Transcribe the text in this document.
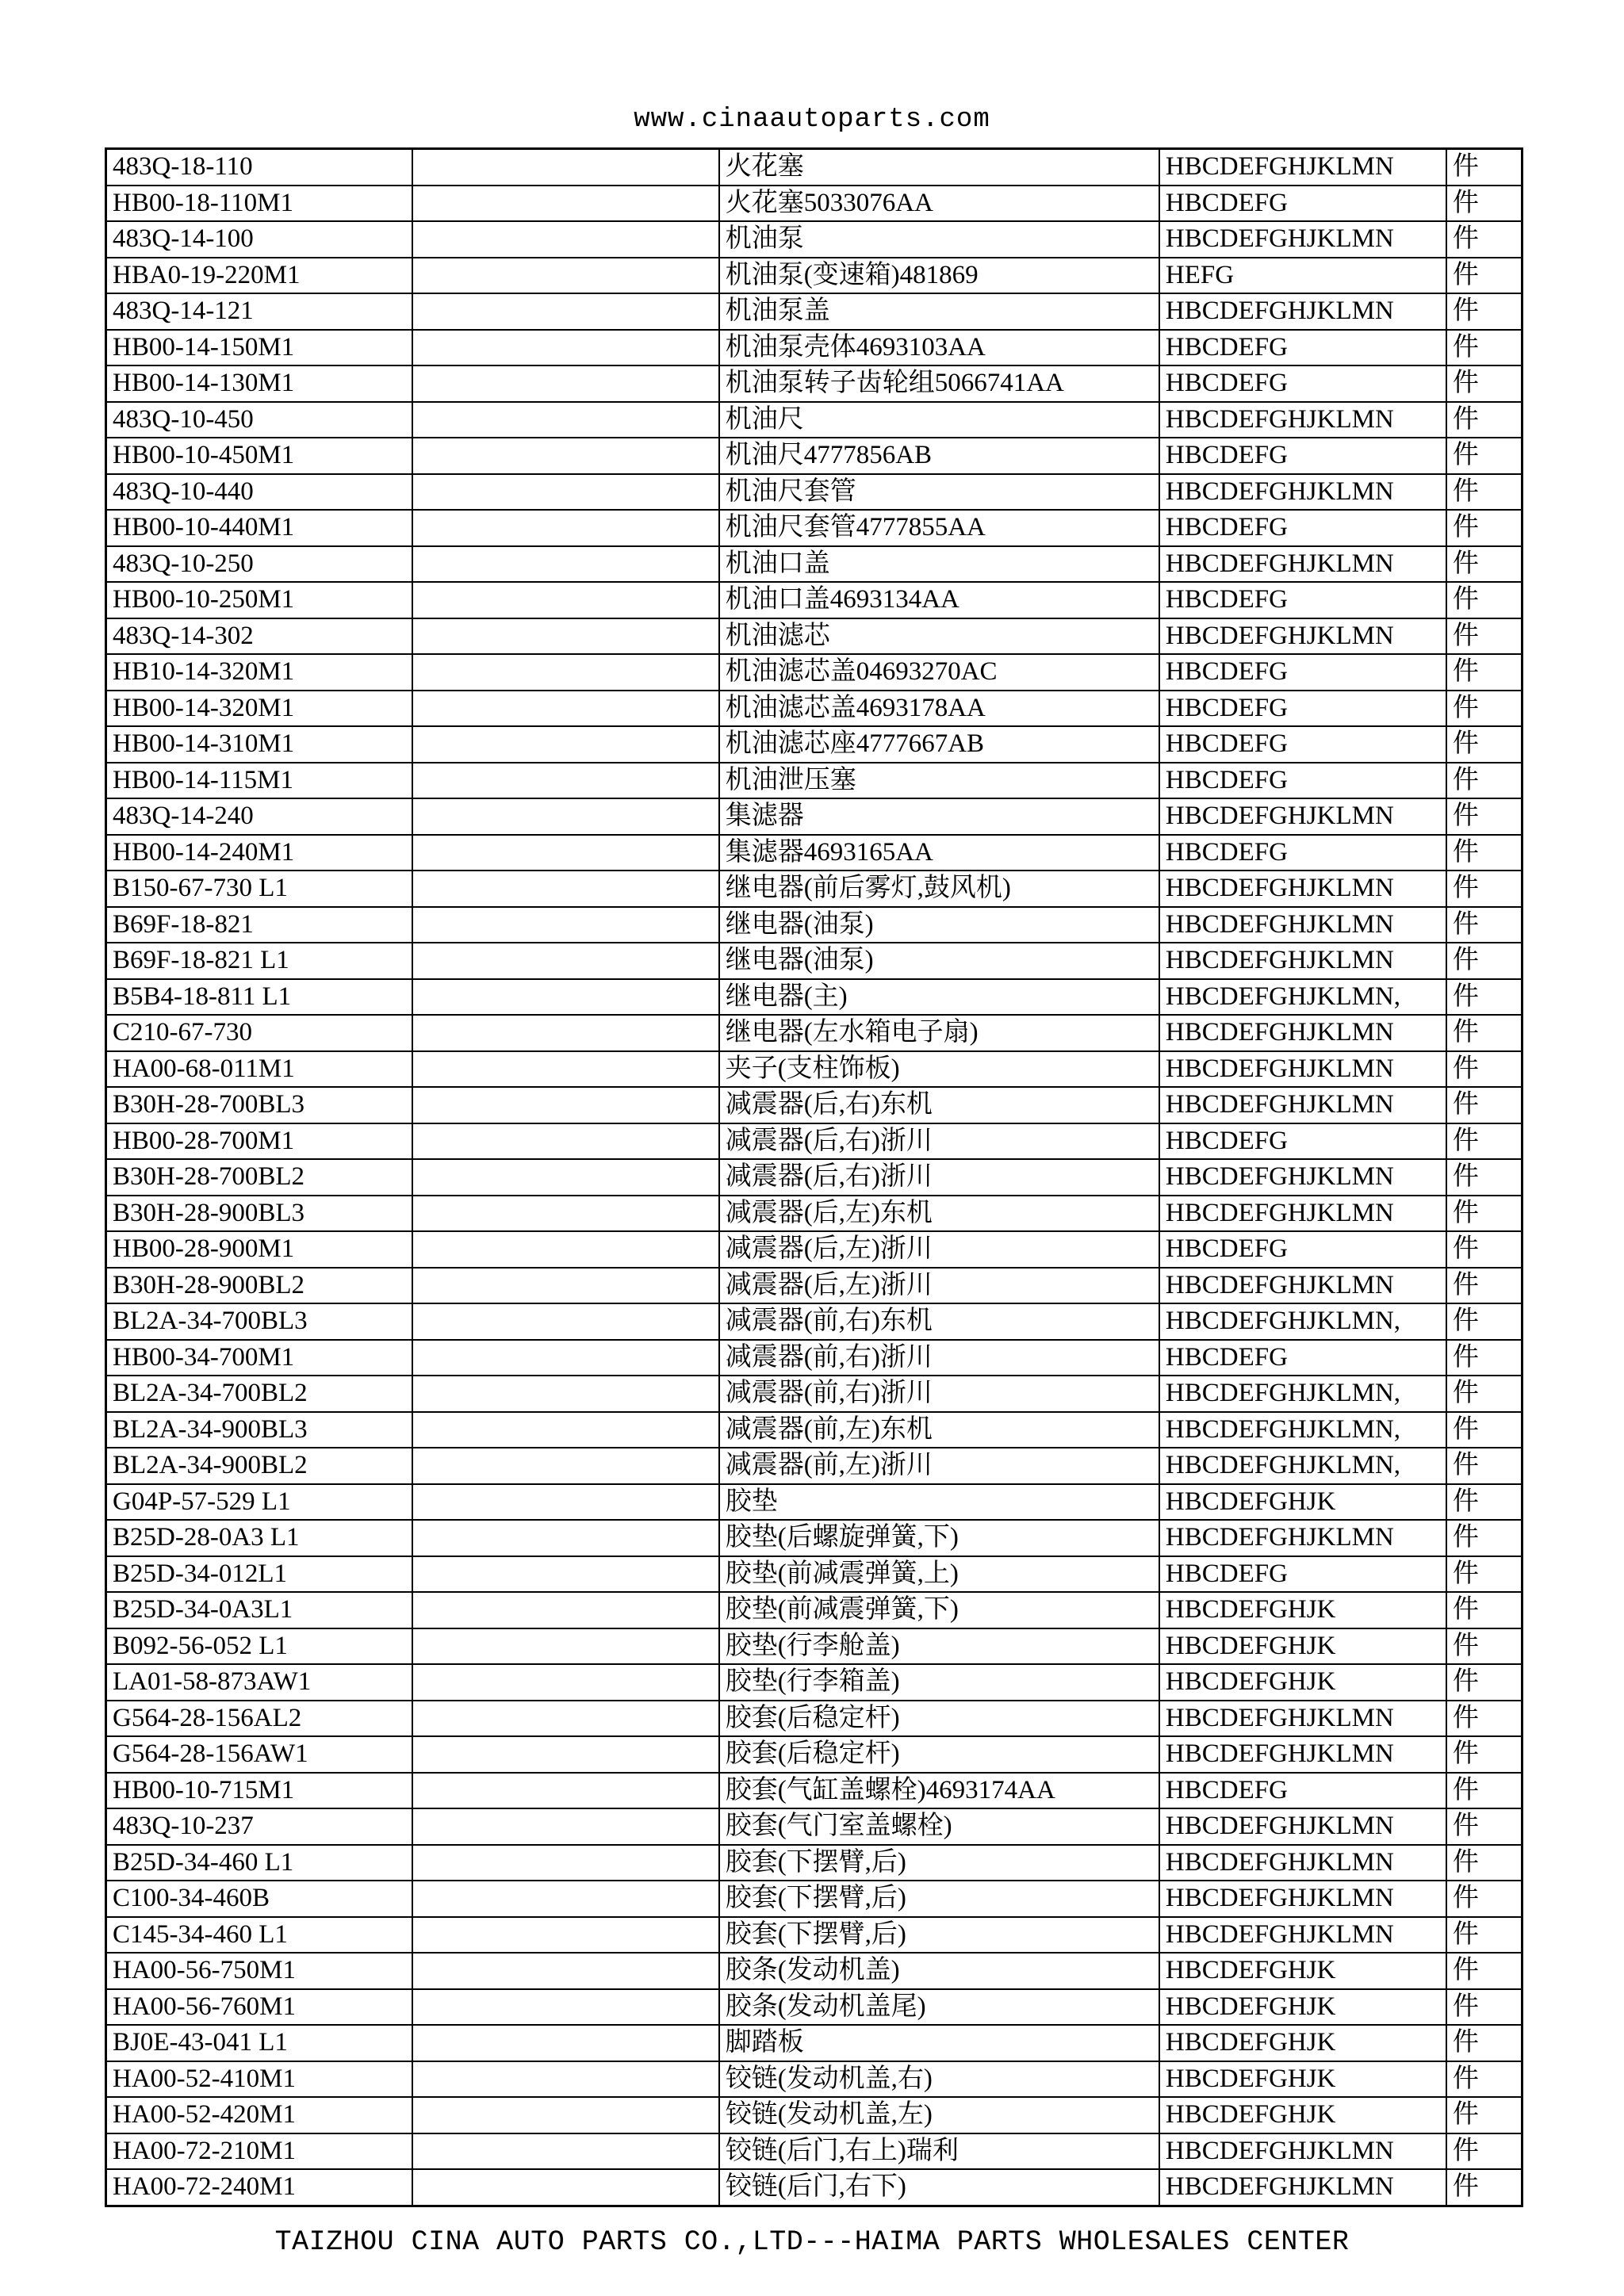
www.cinaautoparts.com
483Q-18-110		火花塞	HBCDEFGHJKLMN	件
HB00-18-110M1		火花塞5033076AA	HBCDEFG	件
483Q-14-100		机油泵	HBCDEFGHJKLMN	件
HBA0-19-220M1		机油泵(变速箱)481869	HEFG	件
483Q-14-121		机油泵盖	HBCDEFGHJKLMN	件
HB00-14-150M1		机油泵壳体4693103AA	HBCDEFG	件
HB00-14-130M1		机油泵转子齿轮组5066741AA	HBCDEFG	件
483Q-10-450		机油尺	HBCDEFGHJKLMN	件
HB00-10-450M1		机油尺4777856AB	HBCDEFG	件
483Q-10-440		机油尺套管	HBCDEFGHJKLMN	件
HB00-10-440M1		机油尺套管4777855AA	HBCDEFG	件
483Q-10-250		机油口盖	HBCDEFGHJKLMN	件
HB00-10-250M1		机油口盖4693134AA	HBCDEFG	件
483Q-14-302		机油滤芯	HBCDEFGHJKLMN	件
HB10-14-320M1		机油滤芯盖04693270AC	HBCDEFG	件
HB00-14-320M1		机油滤芯盖4693178AA	HBCDEFG	件
HB00-14-310M1		机油滤芯座4777667AB	HBCDEFG	件
HB00-14-115M1		机油泄压塞	HBCDEFG	件
483Q-14-240		集滤器	HBCDEFGHJKLMN	件
HB00-14-240M1		集滤器4693165AA	HBCDEFG	件
B150-67-730 L1		继电器(前后雾灯,鼓风机)	HBCDEFGHJKLMN	件
B69F-18-821		继电器(油泵)	HBCDEFGHJKLMN	件
B69F-18-821 L1		继电器(油泵)	HBCDEFGHJKLMN	件
B5B4-18-811 L1		继电器(主)	HBCDEFGHJKLMN,	件
C210-67-730		继电器(左水箱电子扇)	HBCDEFGHJKLMN	件
HA00-68-011M1		夹子(支柱饰板)	HBCDEFGHJKLMN	件
B30H-28-700BL3		减震器(后,右)东机	HBCDEFGHJKLMN	件
HB00-28-700M1		减震器(后,右)浙川	HBCDEFG	件
B30H-28-700BL2		减震器(后,右)浙川	HBCDEFGHJKLMN	件
B30H-28-900BL3		减震器(后,左)东机	HBCDEFGHJKLMN	件
HB00-28-900M1		减震器(后,左)浙川	HBCDEFG	件
B30H-28-900BL2		减震器(后,左)浙川	HBCDEFGHJKLMN	件
BL2A-34-700BL3		减震器(前,右)东机	HBCDEFGHJKLMN,	件
HB00-34-700M1		减震器(前,右)浙川	HBCDEFG	件
BL2A-34-700BL2		减震器(前,右)浙川	HBCDEFGHJKLMN,	件
BL2A-34-900BL3		减震器(前,左)东机	HBCDEFGHJKLMN,	件
BL2A-34-900BL2		减震器(前,左)浙川	HBCDEFGHJKLMN,	件
G04P-57-529 L1		胶垫	HBCDEFGHJK	件
B25D-28-0A3 L1		胶垫(后螺旋弹簧,下)	HBCDEFGHJKLMN	件
B25D-34-012L1		胶垫(前减震弹簧,上)	HBCDEFG	件
B25D-34-0A3L1		胶垫(前减震弹簧,下)	HBCDEFGHJK	件
B092-56-052 L1		胶垫(行李舱盖)	HBCDEFGHJK	件
LA01-58-873AW1		胶垫(行李箱盖)	HBCDEFGHJK	件
G564-28-156AL2		胶套(后稳定杆)	HBCDEFGHJKLMN	件
G564-28-156AW1		胶套(后稳定杆)	HBCDEFGHJKLMN	件
HB00-10-715M1		胶套(气缸盖螺栓)4693174AA	HBCDEFG	件
483Q-10-237		胶套(气门室盖螺栓)	HBCDEFGHJKLMN	件
B25D-34-460 L1		胶套(下摆臂,后)	HBCDEFGHJKLMN	件
C100-34-460B		胶套(下摆臂,后)	HBCDEFGHJKLMN	件
C145-34-460 L1		胶套(下摆臂,后)	HBCDEFGHJKLMN	件
HA00-56-750M1		胶条(发动机盖)	HBCDEFGHJK	件
HA00-56-760M1		胶条(发动机盖尾)	HBCDEFGHJK	件
BJ0E-43-041 L1		脚踏板	HBCDEFGHJK	件
HA00-52-410M1		铰链(发动机盖,右)	HBCDEFGHJK	件
HA00-52-420M1		铰链(发动机盖,左)	HBCDEFGHJK	件
HA00-72-210M1		铰链(后门,右上)瑞利	HBCDEFGHJKLMN	件
HA00-72-240M1		铰链(后门,右下)	HBCDEFGHJKLMN	件
TAIZHOU CINA AUTO PARTS CO.,LTD---HAIMA PARTS WHOLESALES CENTER
